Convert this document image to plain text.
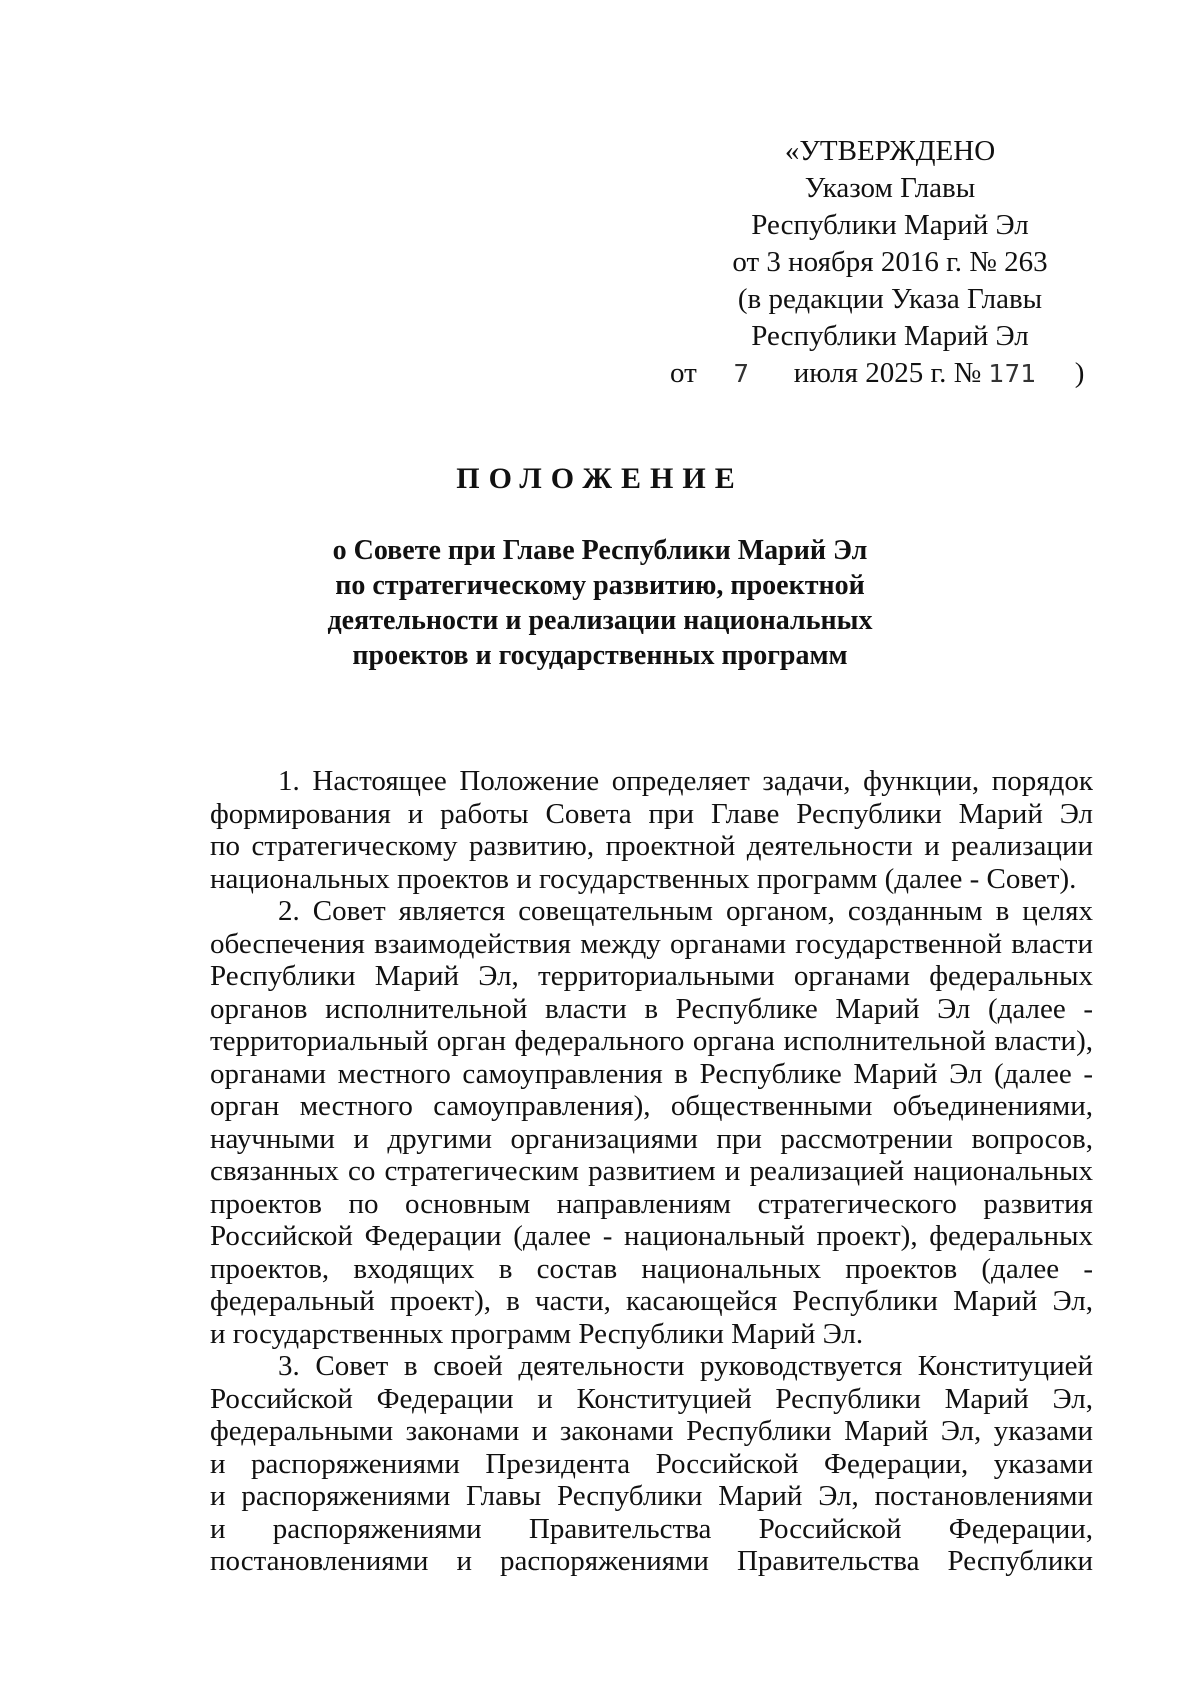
«УТВЕРЖДЕНО
Указом Главы
Республики Марий Эл
от 3 ноября 2016 г. № 263
(в редакции Указа Главы
Республики Марий Эл
от 7 июля 2025 г. № 171 )
ПОЛОЖЕНИЕ
о Совете при Главе Республики Марий Эл
по стратегическому развитию, проектной
деятельности и реализации национальных
проектов и государственных программ
1. Настоящее Положение определяет задачи, функции, порядок
формирования и работы Совета при Главе Республики Марий Эл
по стратегическому развитию, проектной деятельности и реализации
национальных проектов и государственных программ (далее - Совет).
2. Совет является совещательным органом, созданным в целях
обеспечения взаимодействия между органами государственной власти
Республики Марий Эл, территориальными органами федеральных
органов исполнительной власти в Республике Марий Эл (далее -
территориальный орган федерального органа исполнительной власти),
органами местного самоуправления в Республике Марий Эл (далее -
орган местного самоуправления), общественными объединениями,
научными и другими организациями при рассмотрении вопросов,
связанных со стратегическим развитием и реализацией национальных
проектов по основным направлениям стратегического развития
Российской Федерации (далее - национальный проект), федеральных
проектов, входящих в состав национальных проектов (далее -
федеральный проект), в части, касающейся Республики Марий Эл,
и государственных программ Республики Марий Эл.
3. Совет в своей деятельности руководствуется Конституцией
Российской Федерации и Конституцией Республики Марий Эл,
федеральными законами и законами Республики Марий Эл, указами
и распоряжениями Президента Российской Федерации, указами
и распоряжениями Главы Республики Марий Эл, постановлениями
и распоряжениями Правительства Российской Федерации,
постановлениями и распоряжениями Правительства Республики
